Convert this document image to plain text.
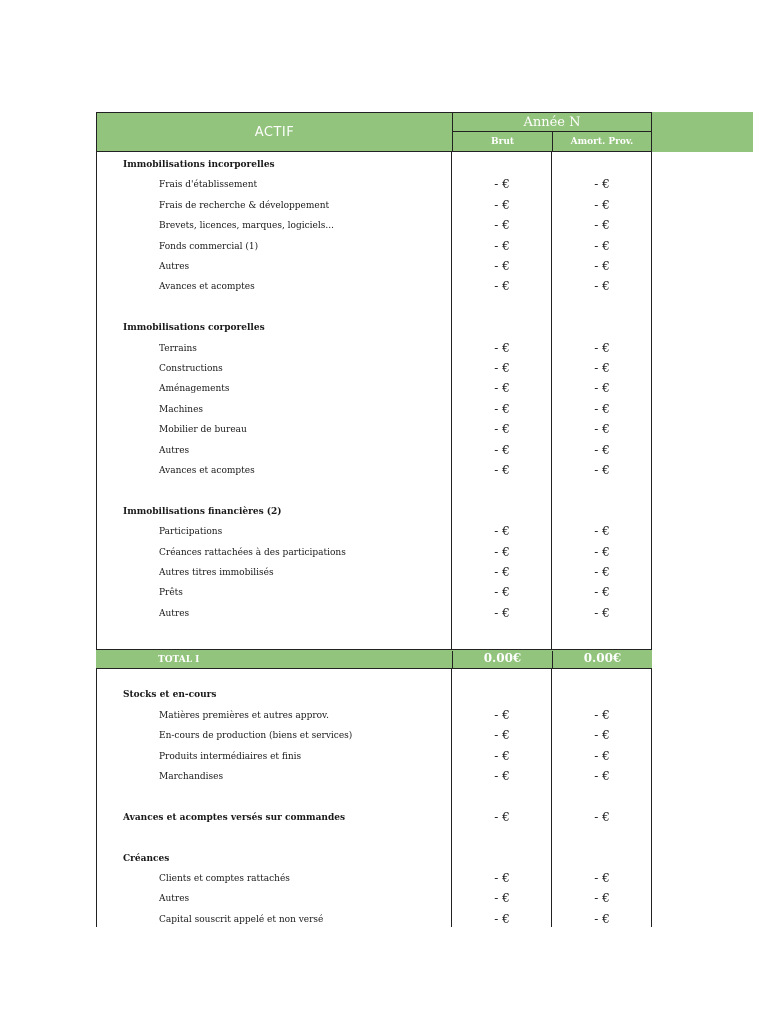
ACTIF
Année N
Brut	Amort. Prov.
Immobilisations incorporelles
Frais d'établissement	- €	- €
Frais de recherche & développement	- €	- €
Brevets, licences, marques, logiciels...	- €	- €
Fonds commercial (1)	- €	- €
Autres	- €	- €
Avances et acomptes	- €	- €
Immobilisations corporelles
Terrains	- €	- €
Constructions	- €	- €
Aménagements	- €	- €
Machines	- €	- €
Mobilier de bureau	- €	- €
Autres	- €	- €
Avances et acomptes	- €	- €
Immobilisations financières (2)
Participations	- €	- €
Créances rattachées à des participations	- €	- €
Autres titres immobilisés	- €	- €
Prêts	- €	- €
Autres	- €	- €
TOTAL I	0.00€	0.00€
Stocks et en-cours
Matières premières et autres approv.	- €	- €
En-cours de production (biens et services)	- €	- €
Produits intermédiaires et finis	- €	- €
Marchandises	- €	- €
Avances et acomptes versés sur commandes	- €	- €
Créances
Clients et comptes rattachés	- €	- €
Autres	- €	- €
Capital souscrit appelé et non versé	- €	- €
